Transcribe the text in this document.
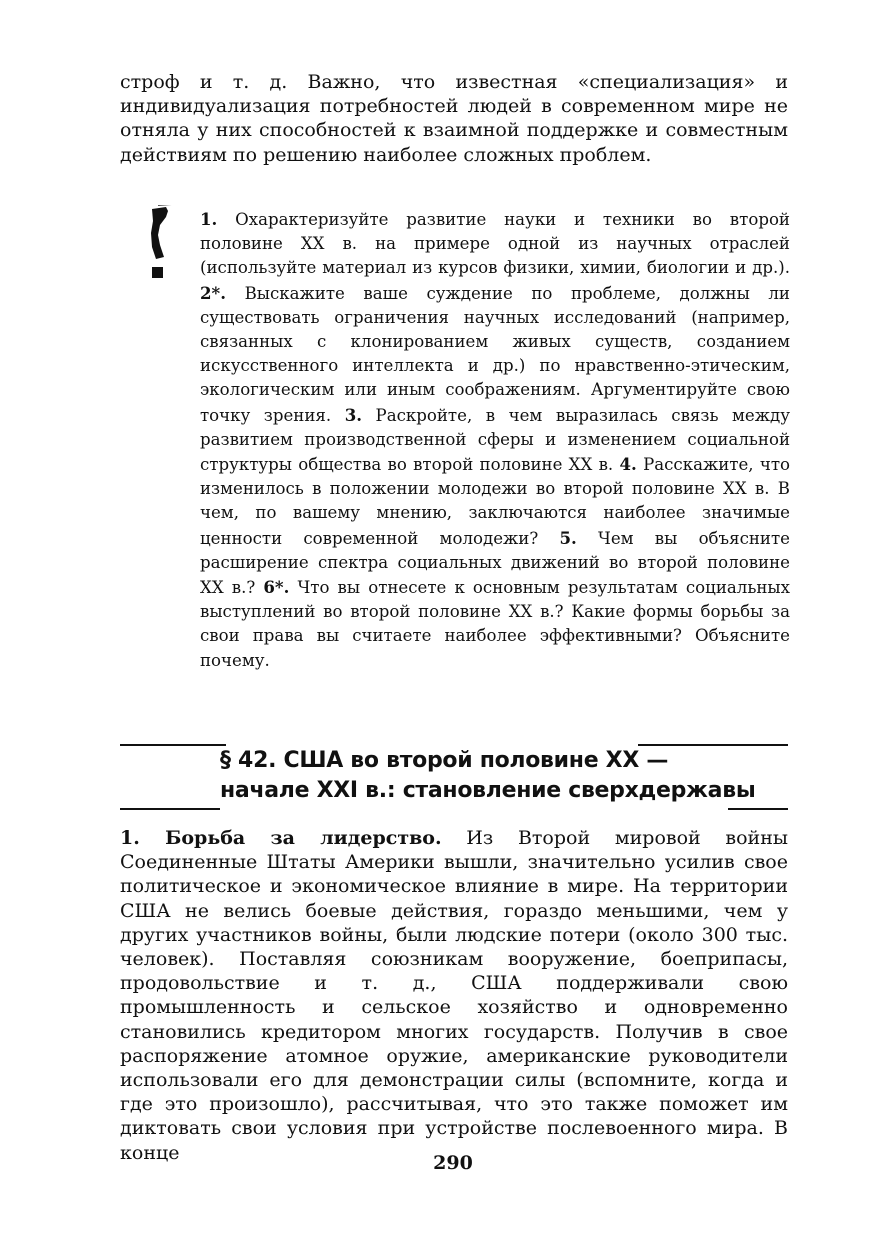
строф и т. д. Важно, что известная «специализация» и индивидуализация потребностей людей в современном мире не отняла у них способностей к взаимной поддержке и совместным действиям по решению наиболее сложных проблем.

1. Охарактеризуйте развитие науки и техники во второй половине XX в. на примере одной из научных отраслей (используйте материал из курсов физики, химии, биологии и др.). 2*. Выскажите ваше суждение по проблеме, должны ли существовать ограничения научных исследований (например, связанных с клонированием живых существ, созданием искусственного интеллекта и др.) по нравственно-этическим, экологическим или иным соображениям. Аргументируйте свою точку зрения. 3. Раскройте, в чем выразилась связь между развитием производственной сферы и изменением социальной структуры общества во второй половине XX в. 4. Расскажите, что изменилось в положении молодежи во второй половине XX в. В чем, по вашему мнению, заключаются наиболее значимые ценности современной молодежи? 5. Чем вы объясните расширение спектра социальных движений во второй половине XX в.? 6*. Что вы отнесете к основным результатам социальных выступлений во второй половине XX в.? Какие формы борьбы за свои права вы считаете наиболее эффективными? Объясните почему.

§ 42. США во второй половине XX —
начале XXI в.: становление сверхдержавы

1. Борьба за лидерство. Из Второй мировой войны Соединенные Штаты Америки вышли, значительно усилив свое политическое и экономическое влияние в мире. На территории США не велись боевые действия, гораздо меньшими, чем у других участников войны, были людские потери (около 300 тыс. человек). Поставляя союзникам вооружение, боеприпасы, продовольствие и т. д., США поддерживали свою промышленность и сельское хозяйство и одновременно становились кредитором многих государств. Получив в свое распоряжение атомное оружие, американские руководители использовали его для демонстрации силы (вспомните, когда и где это произошло), рассчитывая, что это также поможет им диктовать свои условия при устройстве послевоенного мира. В конце	290
